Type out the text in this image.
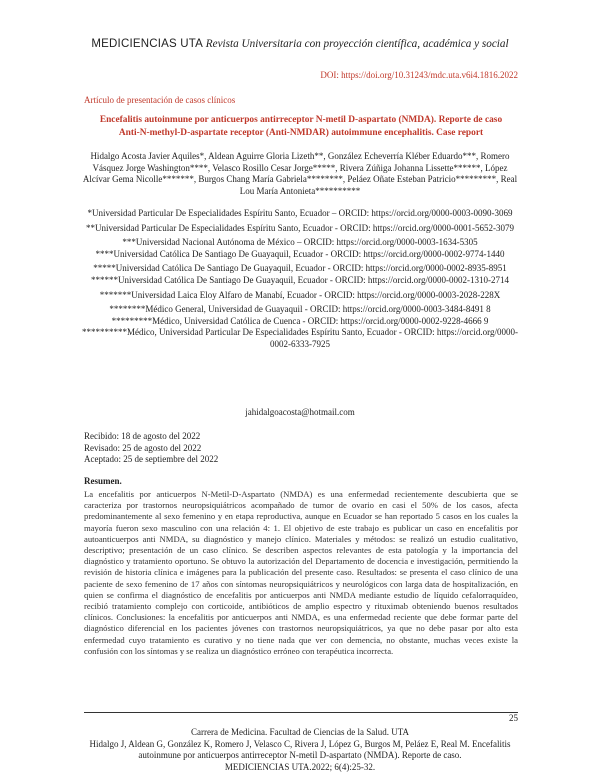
MEDICIENCIAS UTA Revista Universitaria con proyección científica, académica y social
DOI: https://doi.org/10.31243/mdc.uta.v6i4.1816.2022
Artículo de presentación de casos clínicos
Encefalitis autoinmune por anticuerpos antirreceptor N-metil D-aspartato (NMDA). Reporte de caso
Anti-N-methyl-D-aspartate receptor (Anti-NMDAR) autoimmune encephalitis. Case report
Hidalgo Acosta Javier Aquiles*, Aldean Aguirre Gloria Lizeth**, González Echeverría Kléber Eduardo***, Romero Vásquez Jorge Washington****, Velasco Rosillo Cesar Jorge*****, Rivera Zúñiga Johanna Lissette******, López Alcívar Gema Nicolle*******, Burgos Chang María Gabriela********, Peláez Oñate Esteban Patricio*********, Real Lou María Antonieta**********
*Universidad Particular De Especialidades Espíritu Santo, Ecuador – ORCID: https://orcid.org/0000-0003-0090-3069
**Universidad Particular De Especialidades Espíritu Santo, Ecuador - ORCID: https://orcid.org/0000-0001-5652-3079
***Universidad Nacional Autónoma de México – ORCID: https://orcid.org/0000-0003-1634-5305
****Universidad Católica De Santiago De Guayaquil, Ecuador - ORCID: https://orcid.org/0000-0002-9774-1440
*****Universidad Católica De Santiago De Guayaquil, Ecuador - ORCID: https://orcid.org/0000-0002-8935-8951
******Universidad Católica De Santiago De Guayaquil, Ecuador - ORCID: https://orcid.org/0000-0002-1310-2714
*******Universidad Laica Eloy Alfaro de Manabí, Ecuador - ORCID: https://orcid.org/0000-0003-2028-228X
********Médico General, Universidad de Guayaquil - ORCID: https://orcid.org/0000-0003-3484-8491 8
*********Médico, Universidad Católica de Cuenca - ORCID: https://orcid.org/0000-0002-9228-4666 9
**********Médico, Universidad Particular De Especialidades Espíritu Santo, Ecuador - ORCID: https://orcid.org/0000-0002-6333-7925
jahidalgoacosta@hotmail.com
Recibido: 18 de agosto del 2022
Revisado: 25 de agosto del 2022
Aceptado: 25 de septiembre del 2022
Resumen.
La encefalitis por anticuerpos N-Metil-D-Aspartato (NMDA) es una enfermedad recientemente descubierta que se caracteriza por trastornos neuropsiquiátricos acompañado de tumor de ovario en casi el 50% de los casos, afecta predominantemente al sexo femenino y en etapa reproductiva, aunque en Ecuador se han reportado 5 casos en los cuales la mayoría fueron sexo masculino con una relación 4: 1. El objetivo de este trabajo es publicar un caso en encefalitis por autoanticuerpos anti NMDA, su diagnóstico y manejo clínico. Materiales y métodos: se realizó un estudio cualitativo, descriptivo; presentación de un caso clínico. Se describen aspectos relevantes de esta patología y la importancia del diagnóstico y tratamiento oportuno. Se obtuvo la autorización del Departamento de docencia e investigación, permitiendo la revisión de historia clínica e imágenes para la publicación del presente caso. Resultados: se presenta el caso clínico de una paciente de sexo femenino de 17 años con síntomas neuropsiquiátricos y neurológicos con larga data de hospitalización, en quien se confirma el diagnóstico de encefalitis por anticuerpos anti NMDA mediante estudio de líquido cefalorraquídeo, recibió tratamiento complejo con corticoide, antibióticos de amplio espectro y rituximab obteniendo buenos resultados clínicos. Conclusiones: la encefalitis por anticuerpos anti NMDA, es una enfermedad reciente que debe formar parte del diagnóstico diferencial en los pacientes jóvenes con trastornos neuropsiquiátricos, ya que no debe pasar por alto esta enfermedad cuyo tratamiento es curativo y no tiene nada que ver con demencia, no obstante, muchas veces existe la confusión con los síntomas y se realiza un diagnóstico erróneo con terapéutica incorrecta.
25
Carrera de Medicina. Facultad de Ciencias de la Salud. UTA
Hidalgo J, Aldean G, González K, Romero J, Velasco C, Rivera J, López G, Burgos M, Peláez E, Real M. Encefalitis autoinmune por anticuerpos antirreceptor N-metil D-aspartato (NMDA). Reporte de caso.
MEDICIENCIAS UTA.2022; 6(4):25-32.
